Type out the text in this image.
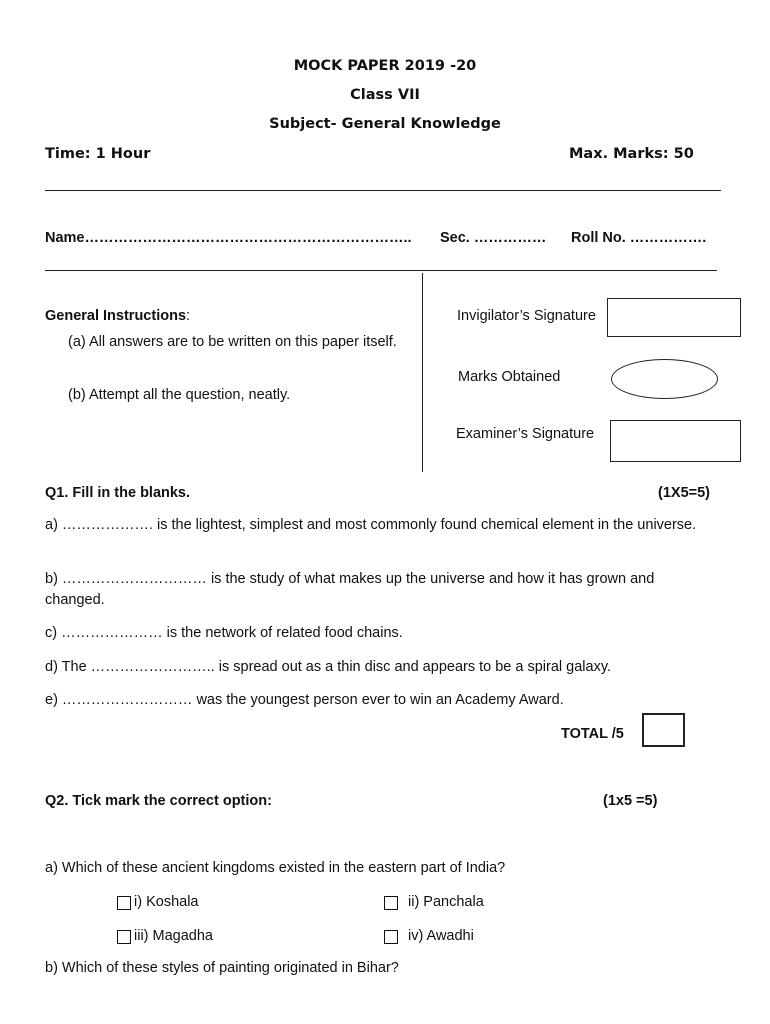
MOCK PAPER 2019 -20
Class VII
Subject- General Knowledge
Time: 1 Hour	Max. Marks: 50
Name………………………………………………………….. Sec. …………… Roll No. …………….
General Instructions:
(a) All answers are to be written on this paper itself.
(b) Attempt all the question, neatly.
Invigilator’s Signature
Marks Obtained
Examiner’s Signature
Q1. Fill in the blanks.	(1X5=5)
a) ………………. is the lightest, simplest and most commonly found chemical element in the universe.
b) ………………………… is the study of what makes up the universe and how it has grown and
changed.
c) ………………… is the network of related food chains.
d) The …………………….. is spread out as a thin disc and appears to be a spiral galaxy.
e) ……………………… was the youngest person ever to win an Academy Award.
TOTAL /5
Q2. Tick mark the correct option:	(1x5 =5)
a) Which of these ancient kingdoms existed in the eastern part of India?
i) Koshala	ii) Panchala
iii) Magadha	iv) Awadhi
b) Which of these styles of painting originated in Bihar?
